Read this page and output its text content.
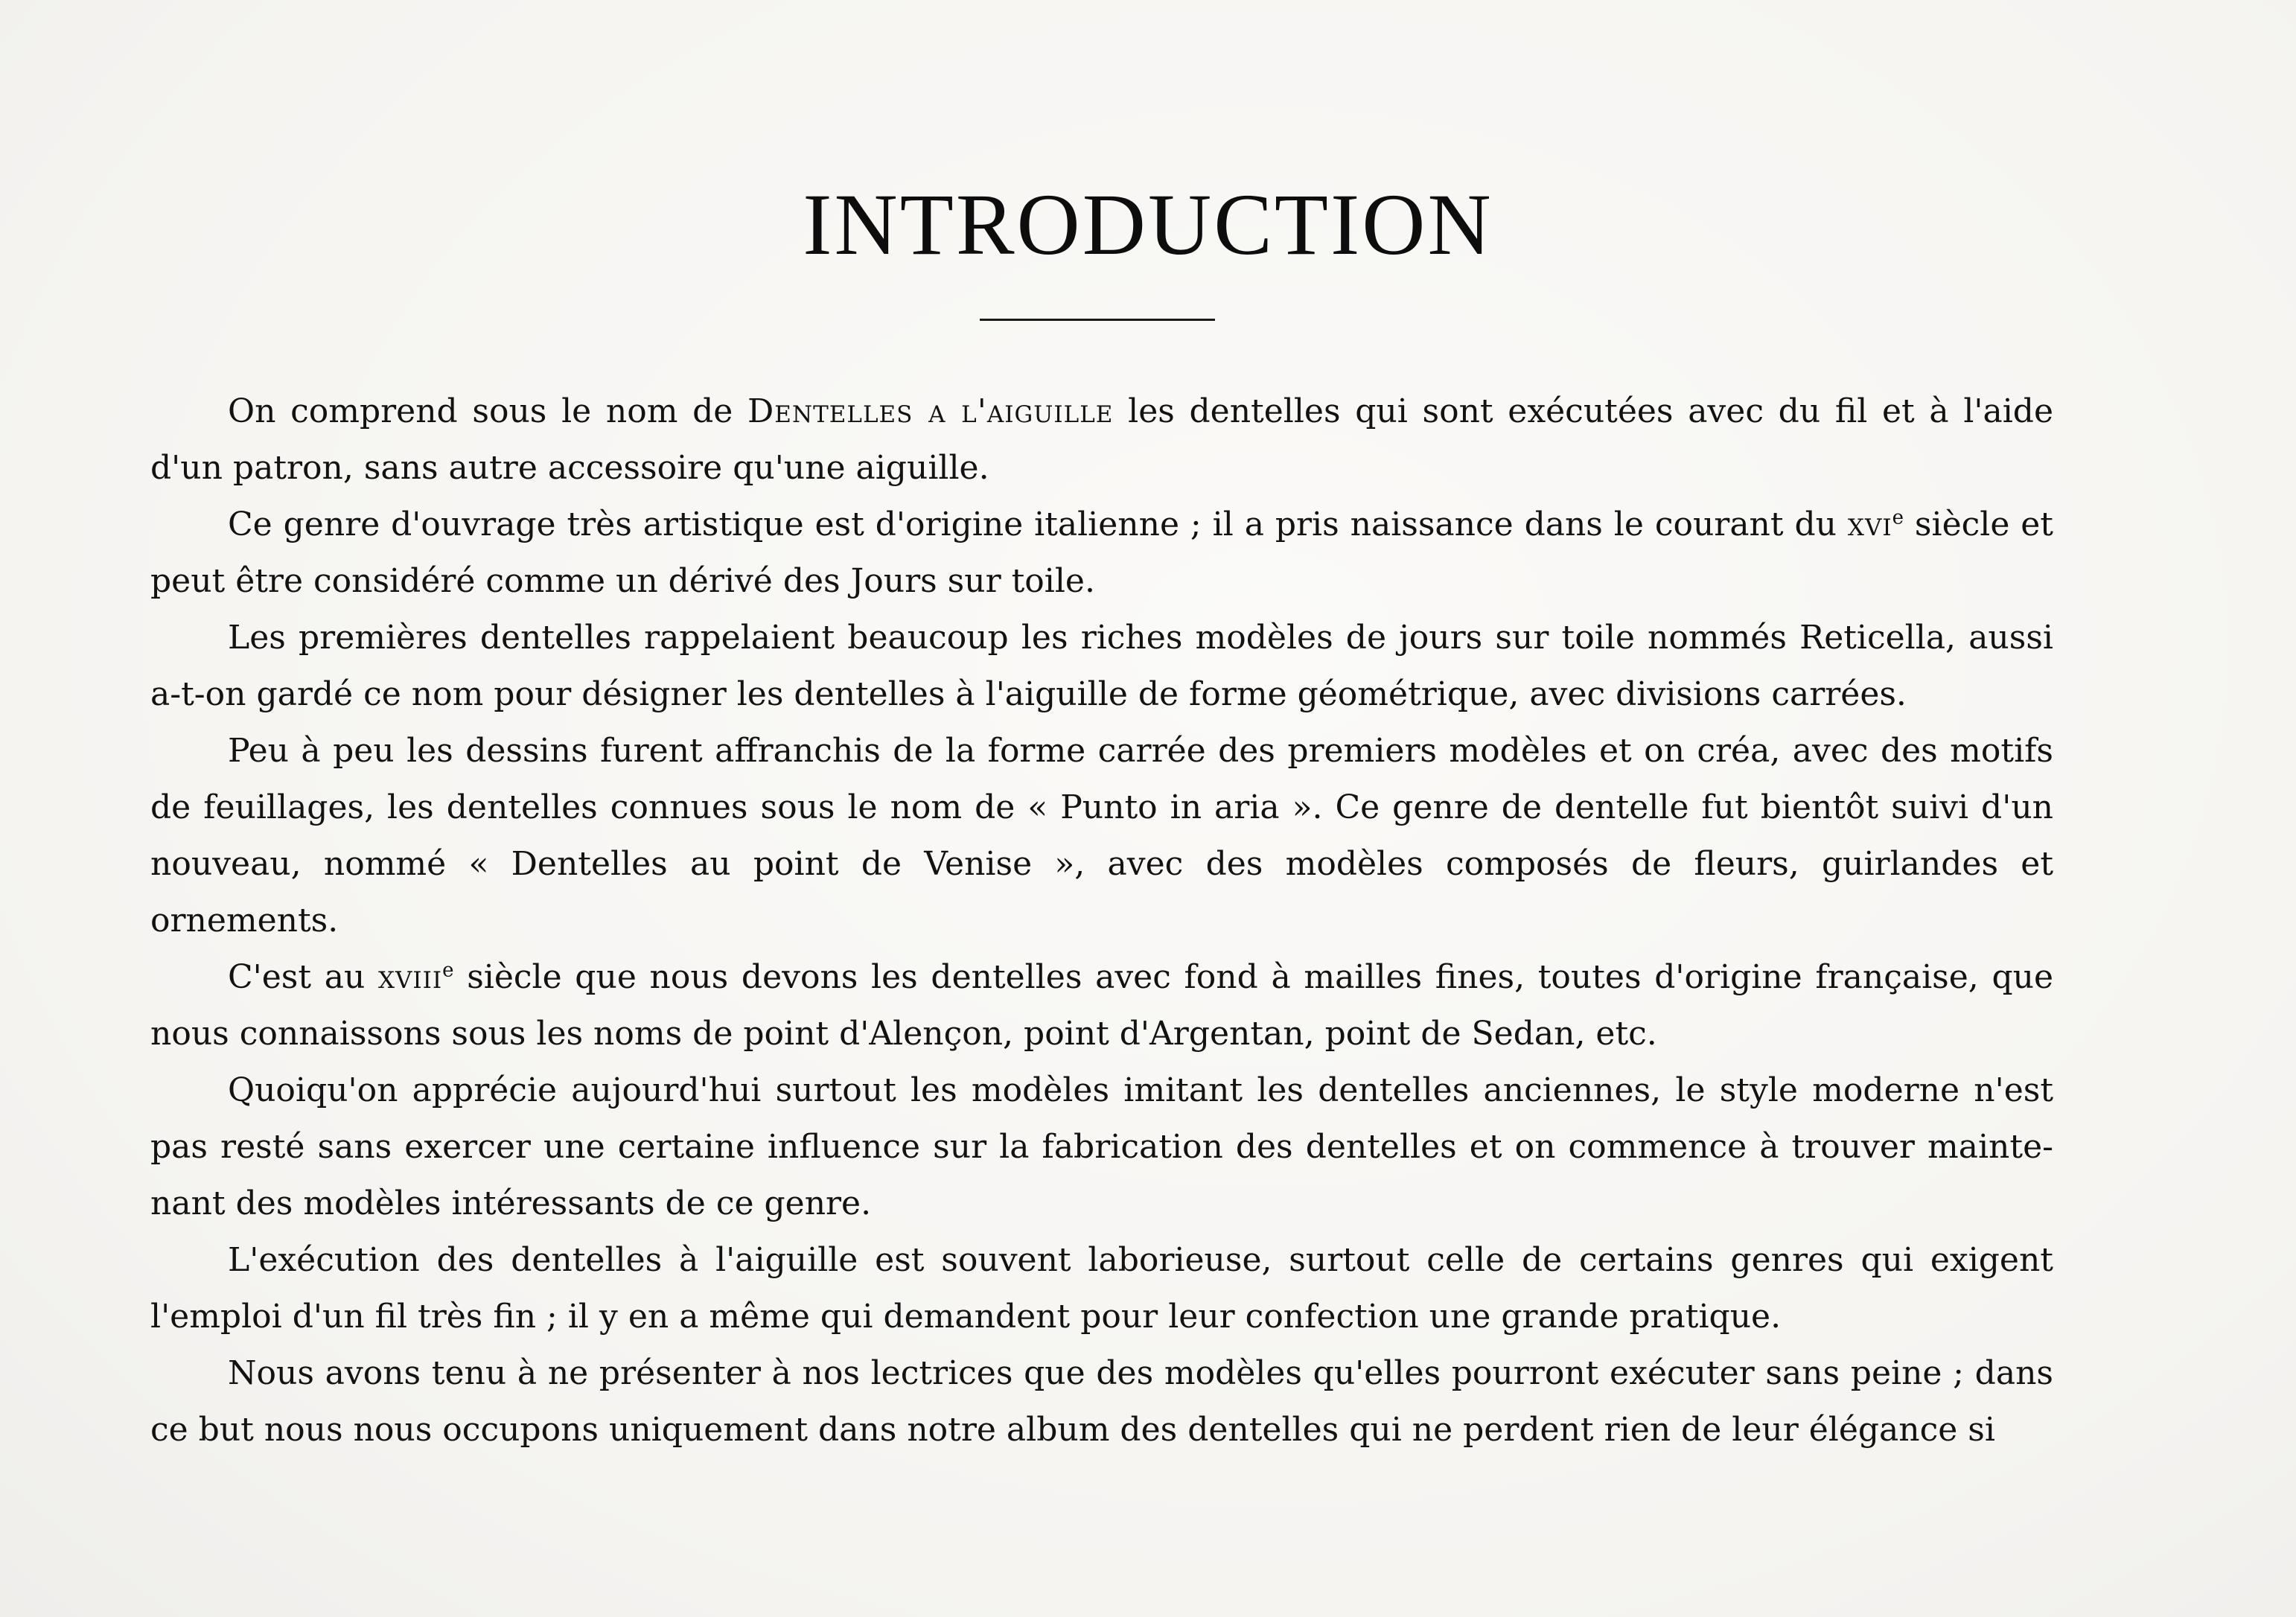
INTRODUCTION

On comprend sous le nom de Dentelles a l'aiguille les dentelles qui sont exécutées avec du fil et à l'aide d'un patron, sans autre accessoire qu'une aiguille.

Ce genre d'ouvrage très artistique est d'origine italienne ; il a pris naissance dans le courant du xvi$^e$ siècle et peut être considéré comme un dérivé des Jours sur toile.

Les premières dentelles rappelaient beaucoup les riches modèles de jours sur toile nommés Reticella, aussi a-t-on gardé ce nom pour désigner les dentelles à l'aiguille de forme géométrique, avec divisions carrées.

Peu à peu les dessins furent affranchis de la forme carrée des premiers modèles et on créa, avec des motifs de feuillages, les dentelles connues sous le nom de « Punto in aria ». Ce genre de dentelle fut bientôt suivi d'un nouveau, nommé « Dentelles au point de Venise », avec des modèles composés de fleurs, guirlandes et ornements.

C'est au xviii$^e$ siècle que nous devons les dentelles avec fond à mailles fines, toutes d'origine française, que nous connaissons sous les noms de point d'Alençon, point d'Argentan, point de Sedan, etc.

Quoiqu'on apprécie aujourd'hui surtout les modèles imitant les dentelles anciennes, le style moderne n'est pas resté sans exercer une certaine influence sur la fabrication des dentelles et on commence à trouver mainte-nant des modèles intéressants de ce genre.

L'exécution des dentelles à l'aiguille est souvent laborieuse, surtout celle de certains genres qui exigent l'emploi d'un fil très fin ; il y en a même qui demandent pour leur confection une grande pratique.

Nous avons tenu à ne présenter à nos lectrices que des modèles qu'elles pourront exécuter sans peine ; dans ce but nous nous occupons uniquement dans notre album des dentelles qui ne perdent rien de leur élégance si
